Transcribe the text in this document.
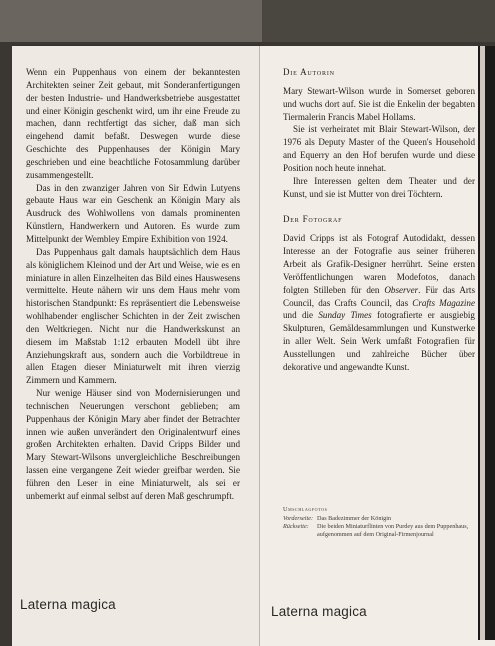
Wenn ein Puppenhaus von einem der bekanntesten Architekten seiner Zeit gebaut, mit Sonderanfertigungen der besten Industrie- und Handwerksbetriebe ausgestattet und einer Königin geschenkt wird, um ihr eine Freude zu machen, dann rechtfertigt das sicher, daß man sich eingehend damit befaßt. Deswegen wurde diese Geschichte des Puppenhauses der Königin Mary geschrieben und eine beachtliche Fotosammlung darüber zusammengestellt.

Das in den zwanziger Jahren von Sir Edwin Lutyens gebaute Haus war ein Geschenk an Königin Mary als Ausdruck des Wohlwollens von damals prominenten Künstlern, Handwerkern und Autoren. Es wurde zum Mittelpunkt der Wembley Empire Exhibition von 1924.

Das Puppenhaus galt damals hauptsächlich dem Haus als königlichem Kleinod und der Art und Weise, wie es en miniature in allen Einzelheiten das Bild eines Hauswesens vermittelte. Heute nähern wir uns dem Haus mehr vom historischen Standpunkt: Es repräsentiert die Lebensweise wohlhabender englischer Schichten in der Zeit zwischen den Weltkriegen. Nicht nur die Handwerkskunst an diesem im Maßstab 1:12 erbauten Modell übt ihre Anziehungskraft aus, sondern auch die Vorbildtreue in allen Etagen dieser Miniaturwelt mit ihren vierzig Zimmern und Kammern.

Nur wenige Häuser sind von Modernisierungen und technischen Neuerungen verschont geblieben; am Puppenhaus der Königin Mary aber findet der Betrachter innen wie außen unverändert den Originalentwurf eines großen Architekten erhalten. David Cripps Bilder und Mary Stewart-Wilsons unvergleichliche Beschreibungen lassen eine vergangene Zeit wieder greifbar werden. Sie führen den Leser in eine Miniaturwelt, als sei er unbemerkt auf einmal selbst auf deren Maß geschrumpft.

Die Autorin

Mary Stewart-Wilson wurde in Somerset geboren und wuchs dort auf. Sie ist die Enkelin der begabten Tiermalerin Francis Mabel Hollams.

Sie ist verheiratet mit Blair Stewart-Wilson, der 1976 als Deputy Master of the Queen's Household and Equerry an den Hof berufen wurde und diese Position noch heute innehat.

Ihre Interessen gelten dem Theater und der Kunst, und sie ist Mutter von drei Töchtern.

Der Fotograf

David Cripps ist als Fotograf Autodidakt, dessen Interesse an der Fotografie aus seiner früheren Arbeit als Grafik-Designer herrührt. Seine ersten Veröffentlichungen waren Modefotos, danach folgten Stilleben für den Observer. Für das Arts Council, das Crafts Council, das Crafts Magazine und die Sunday Times fotografierte er ausgiebig Skulpturen, Gemäldesammlungen und Kunstwerke in aller Welt. Sein Werk umfaßt Fotografien für Ausstellungen und zahlreiche Bücher über dekorative und angewandte Kunst.

Umschlagfotos
Vorderseite: Das Badezimmer der Königin
Rückseite:	Die beiden Miniaturflinten von Purdey aus dem Puppenhaus, aufgenommen auf dem Original-Firmenjournal
Laterna magica	Laterna magica
